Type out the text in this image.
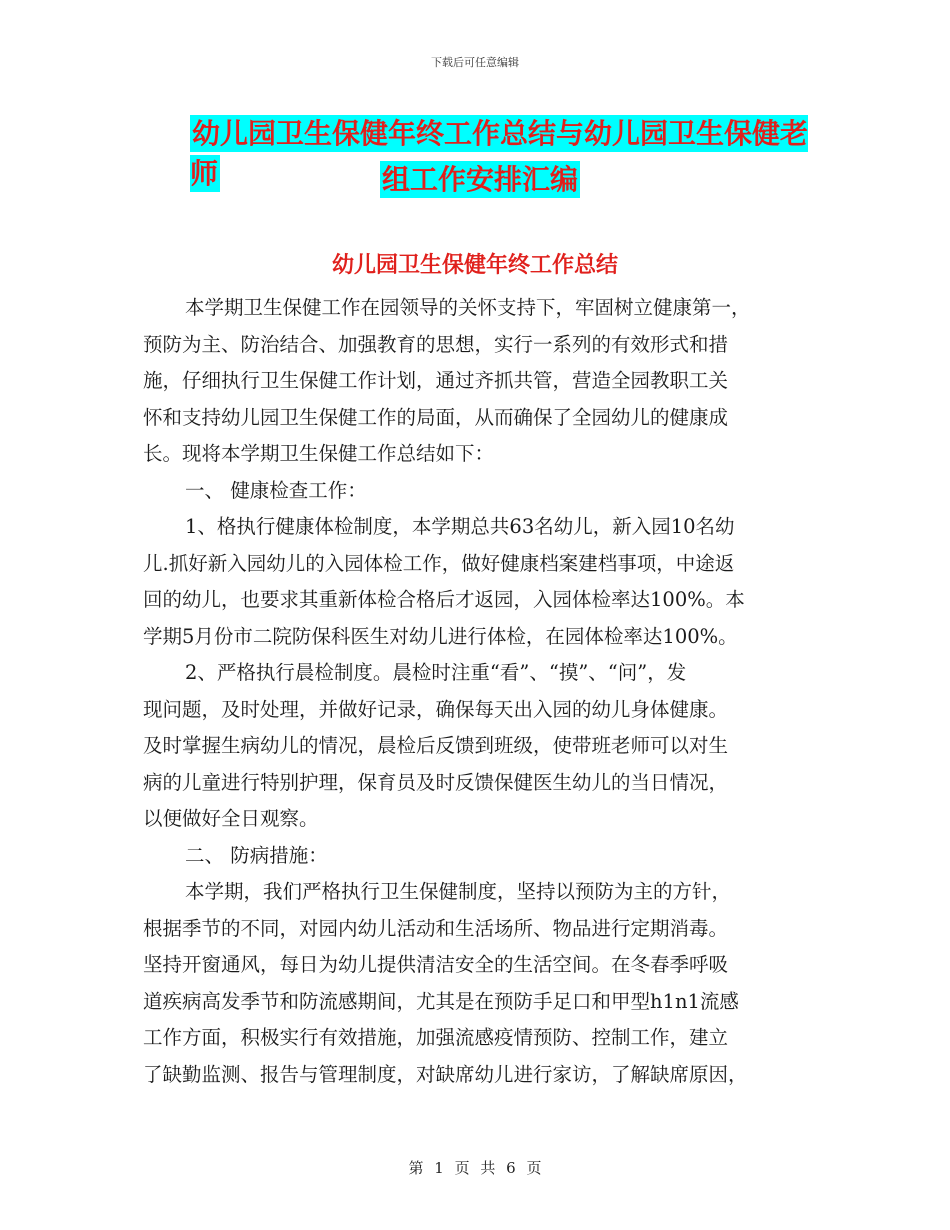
下载后可任意编辑
幼儿园卫生保健年终工作总结与幼儿园卫生保健老师	组工作安排汇编
幼儿园卫生保健年终工作总结
本学期卫生保健工作在园领导的关怀支持下，牢固树立健康第一，
预防为主、防治结合、加强教育的思想，实行一系列的有效形式和措
施，仔细执行卫生保健工作计划，通过齐抓共管，营造全园教职工关
怀和支持幼儿园卫生保健工作的局面，从而确保了全园幼儿的健康成
长。现将本学期卫生保健工作总结如下：
一、 健康检查工作：
1、格执行健康体检制度，本学期总共63名幼儿，新入园10名幼
儿.抓好新入园幼儿的入园体检工作，做好健康档案建档事项，中途返
回的幼儿，也要求其重新体检合格后才返园，入园体检率达100%。本
学期5月份市二院防保科医生对幼儿进行体检，在园体检率达100%。
2、严格执行晨检制度。晨检时注重“看”、“摸”、“问”，发
现问题，及时处理，并做好记录，确保每天出入园的幼儿身体健康。
及时掌握生病幼儿的情况，晨检后反馈到班级，使带班老师可以对生
病的儿童进行特别护理，保育员及时反馈保健医生幼儿的当日情况，
以便做好全日观察。
二、 防病措施：
本学期，我们严格执行卫生保健制度，坚持以预防为主的方针，
根据季节的不同，对园内幼儿活动和生活场所、物品进行定期消毒。
坚持开窗通风，每日为幼儿提供清洁安全的生活空间。在冬春季呼吸
道疾病高发季节和防流感期间，尤其是在预防手足口和甲型h1n1流感
工作方面，积极实行有效措施，加强流感疫情预防、控制工作，建立
了缺勤监测、报告与管理制度，对缺席幼儿进行家访，了解缺席原因，
第 1 页 共 6 页
